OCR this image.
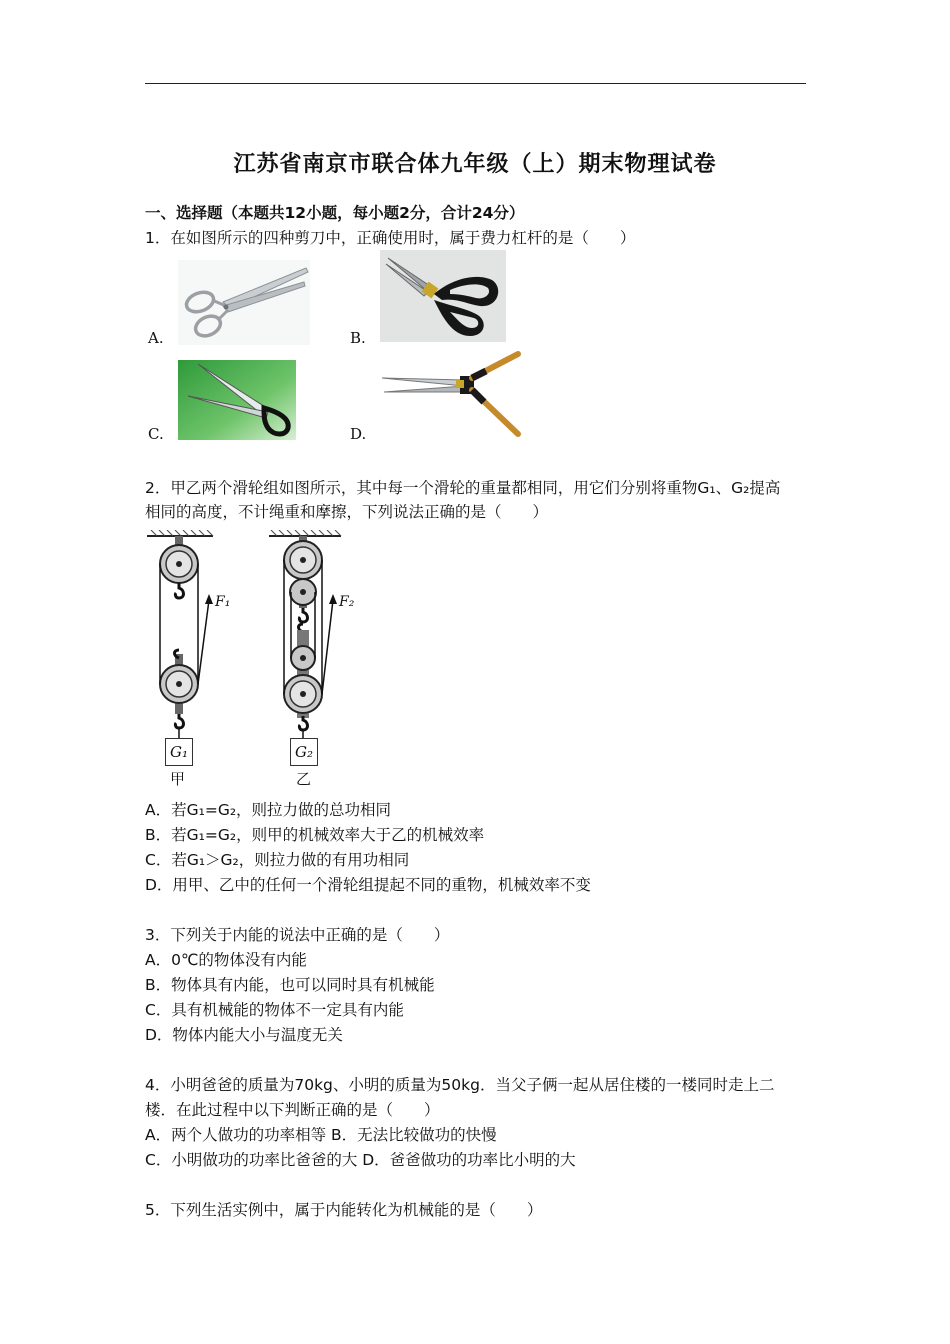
江苏省南京市联合体九年级（上）期末物理试卷
一、选择题（本题共12小题，每小题2分，合计24分）
1．在如图所示的四种剪刀中，正确使用时，属于费力杠杆的是（　　）
A.	B.
C.	D.
2．甲乙两个滑轮组如图所示，其中每一个滑轮的重量都相同，用它们分别将重物G₁、G₂提高
相同的高度，不计绳重和摩擦，下列说法正确的是（　　）
F₁	F₂
G₁	G₂
甲	乙
A．若G₁=G₂，则拉力做的总功相同
B．若G₁=G₂，则甲的机械效率大于乙的机械效率
C．若G₁＞G₂，则拉力做的有用功相同
D．用甲、乙中的任何一个滑轮组提起不同的重物，机械效率不变
3．下列关于内能的说法中正确的是（　　）
A．0℃的物体没有内能
B．物体具有内能，也可以同时具有机械能
C．具有机械能的物体不一定具有内能
D．物体内能大小与温度无关
4．小明爸爸的质量为70kg、小明的质量为50kg．当父子俩一起从居住楼的一楼同时走上二
楼．在此过程中以下判断正确的是（　　）
A．两个人做功的功率相等 B．无法比较做功的快慢
C．小明做功的功率比爸爸的大 D．爸爸做功的功率比小明的大
5．下列生活实例中，属于内能转化为机械能的是（　　）
